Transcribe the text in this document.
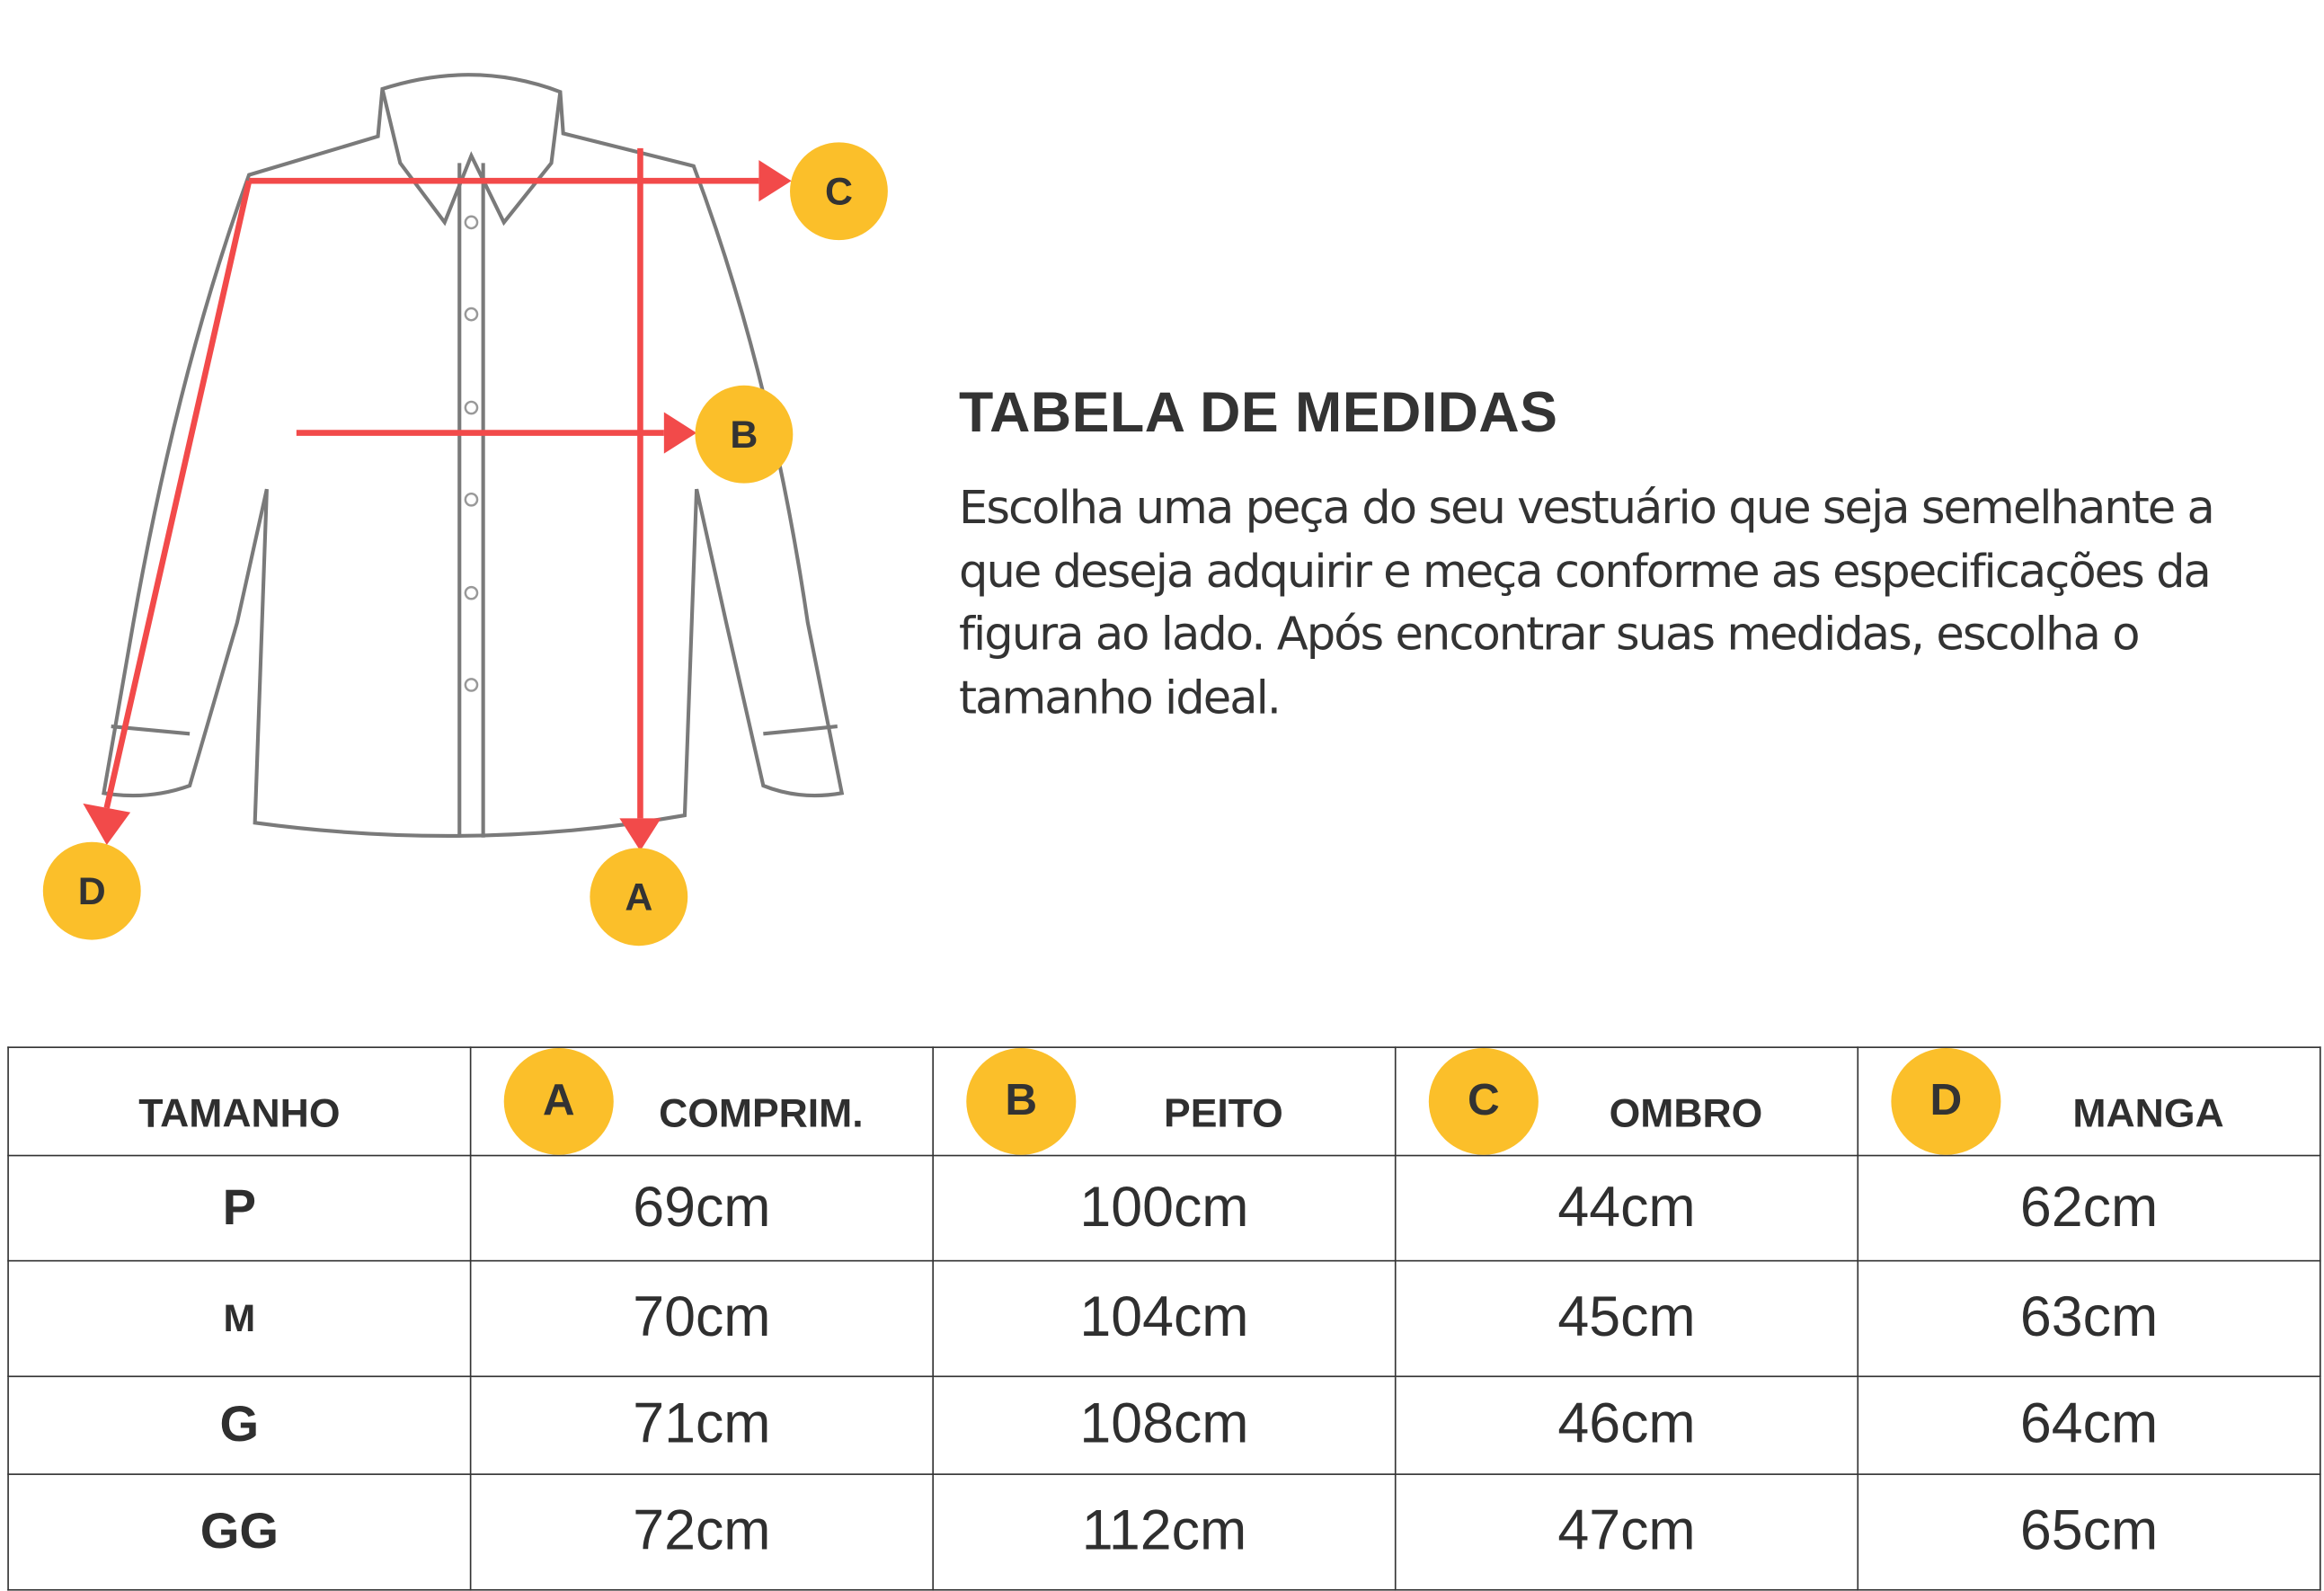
C
B
A
D
TABELA DE MEDIDAS
Escolha uma peça do seu vestuário que seja semelhante a que deseja adquirir e meça conforme as especificações da figura ao lado. Após encontrar suas medidas, escolha o tamanho ideal.
TAMANHO	A COMPRIM.	B PEITO	C OMBRO	D MANGA
P	69cm	100cm	44cm	62cm
M	70cm	104cm	45cm	63cm
G	71cm	108cm	46cm	64cm
GG	72cm	112cm	47cm	65cm
